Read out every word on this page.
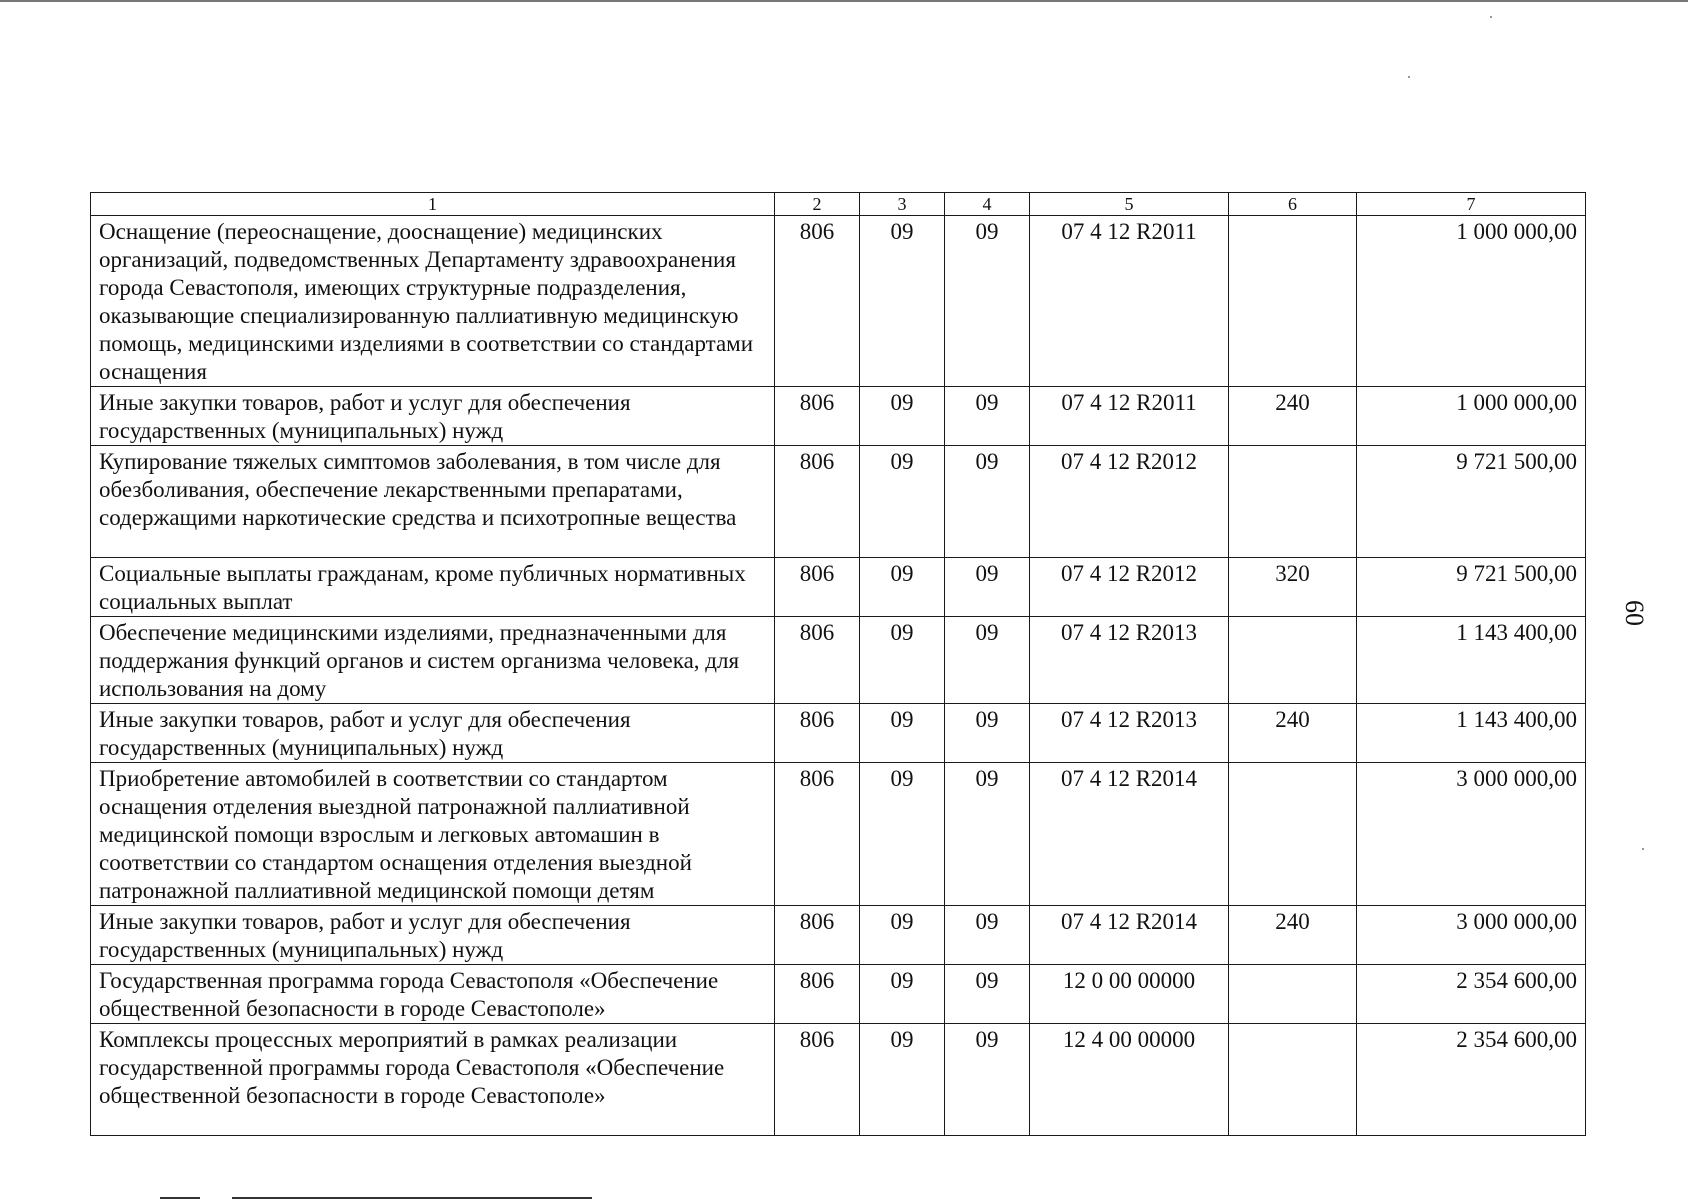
1	2	3	4	5	6	7
Оснащение (переоснащение, дооснащение) медицинских организаций, подведомственных Департаменту здравоохранения города Севастополя, имеющих структурные подразделения, оказывающие специализированную паллиативную медицинскую помощь, медицинскими изделиями в соответствии со стандартами оснащения	806	09	09	07 4 12 R2011		1 000 000,00
Иные закупки товаров, работ и услуг для обеспечения государственных (муниципальных) нужд	806	09	09	07 4 12 R2011	240	1 000 000,00
Купирование тяжелых симптомов заболевания, в том числе для обезболивания, обеспечение лекарственными препаратами, содержащими наркотические средства и психотропные вещества	806	09	09	07 4 12 R2012		9 721 500,00
Социальные выплаты гражданам, кроме публичных нормативных социальных выплат	806	09	09	07 4 12 R2012	320	9 721 500,00
Обеспечение медицинскими изделиями, предназначенными для поддержания функций органов и систем организма человека, для использования на дому	806	09	09	07 4 12 R2013		1 143 400,00
Иные закупки товаров, работ и услуг для обеспечения государственных (муниципальных) нужд	806	09	09	07 4 12 R2013	240	1 143 400,00
Приобретение автомобилей в соответствии со стандартом оснащения отделения выездной патронажной паллиативной медицинской помощи взрослым и легковых автомашин в соответствии со стандартом оснащения отделения выездной патронажной паллиативной медицинской помощи детям	806	09	09	07 4 12 R2014		3 000 000,00
Иные закупки товаров, работ и услуг для обеспечения государственных (муниципальных) нужд	806	09	09	07 4 12 R2014	240	3 000 000,00
Государственная программа города Севастополя «Обеспечение общественной безопасности в городе Севастополе»	806	09	09	12 0 00 00000		2 354 600,00
Комплексы процессных мероприятий в рамках реализации государственной программы города Севастополя «Обеспечение общественной безопасности в городе Севастополе»	806	09	09	12 4 00 00000		2 354 600,00
60
